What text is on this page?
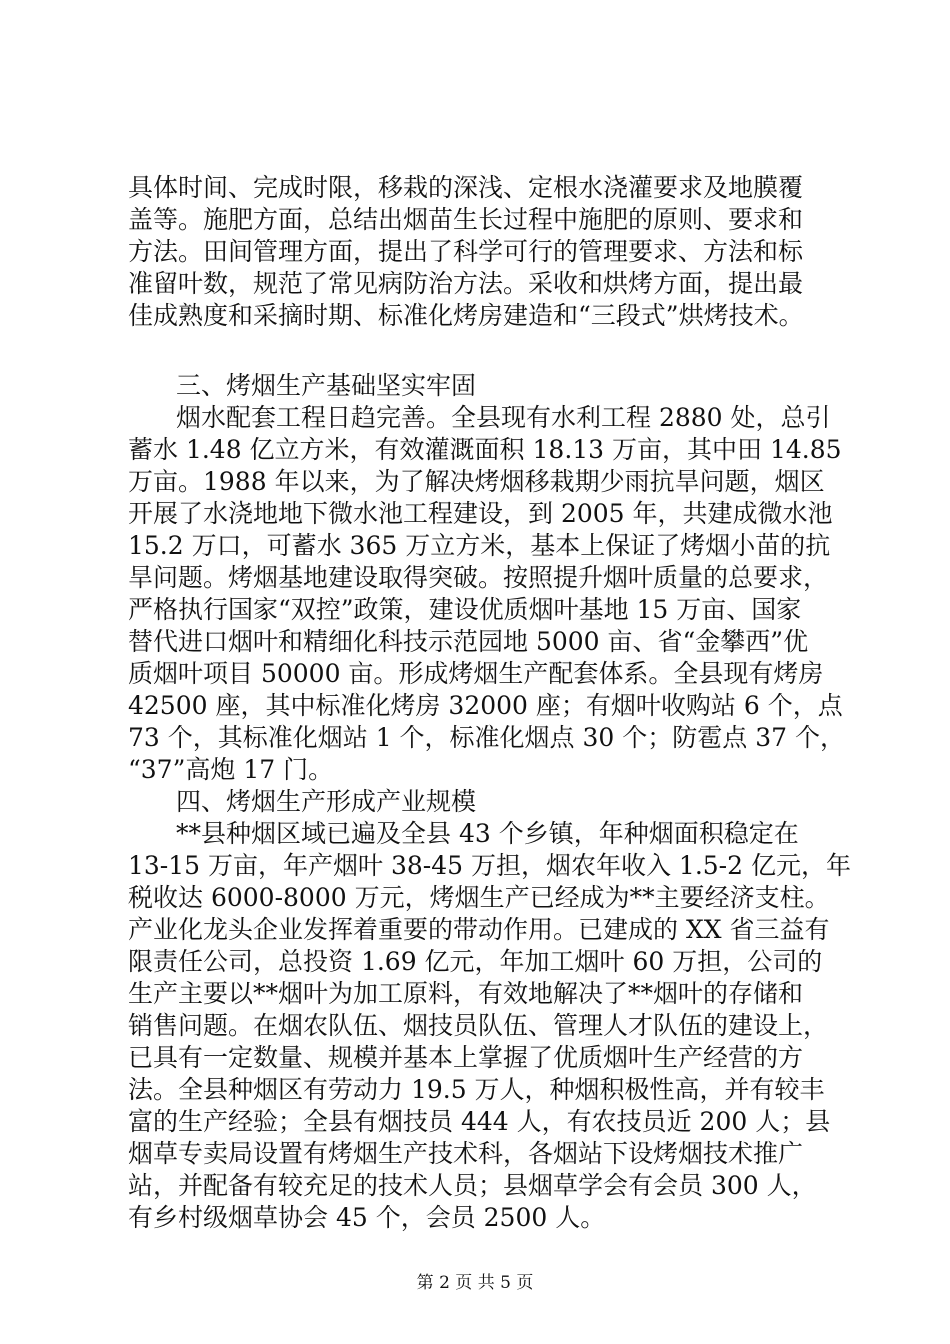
具体时间、完成时限，移栽的深浅、定根水浇灌要求及地膜覆

盖等。施肥方面，总结出烟苗生长过程中施肥的原则、要求和

方法。田间管理方面，提出了科学可行的管理要求、方法和标

准留叶数，规范了常见病防治方法。采收和烘烤方面，提出最

佳成熟度和采摘时期、标准化烤房建造和“三段式”烘烤技术。

三、烤烟生产基础坚实牢固

烟水配套工程日趋完善。全县现有水利工程 2880 处，总引

蓄水 1.48 亿立方米，有效灌溉面积 18.13 万亩，其中田 14.85

万亩。1988 年以来，为了解决烤烟移栽期少雨抗旱问题，烟区

开展了水浇地地下微水池工程建设，到 2005 年，共建成微水池

15.2 万口，可蓄水 365 万立方米，基本上保证了烤烟小苗的抗

旱问题。烤烟基地建设取得突破。按照提升烟叶质量的总要求，

严格执行国家“双控”政策，建设优质烟叶基地 15 万亩、国家

替代进口烟叶和精细化科技示范园地 5000 亩、省“金攀西”优

质烟叶项目 50000 亩。形成烤烟生产配套体系。全县现有烤房

42500 座，其中标准化烤房 32000 座；有烟叶收购站 6 个，点

73 个，其标准化烟站 1 个，标准化烟点 30 个；防雹点 37 个，

“37”高炮 17 门。

四、烤烟生产形成产业规模

**县种烟区域已遍及全县 43 个乡镇，年种烟面积稳定在

13-15 万亩，年产烟叶 38-45 万担，烟农年收入 1.5-2 亿元，年

税收达 6000-8000 万元，烤烟生产已经成为**主要经济支柱。

产业化龙头企业发挥着重要的带动作用。已建成的 XX 省三益有

限责任公司，总投资 1.69 亿元，年加工烟叶 60 万担，公司的

生产主要以**烟叶为加工原料，有效地解决了**烟叶的存储和

销售问题。在烟农队伍、烟技员队伍、管理人才队伍的建设上，

已具有一定数量、规模并基本上掌握了优质烟叶生产经营的方

法。全县种烟区有劳动力 19.5 万人，种烟积极性高，并有较丰

富的生产经验；全县有烟技员 444 人，有农技员近 200 人；县

烟草专卖局设置有烤烟生产技术科，各烟站下设烤烟技术推广

站，并配备有较充足的技术人员；县烟草学会有会员 300 人，

有乡村级烟草协会 45 个，会员 2500 人。

第 2 页 共 5 页
